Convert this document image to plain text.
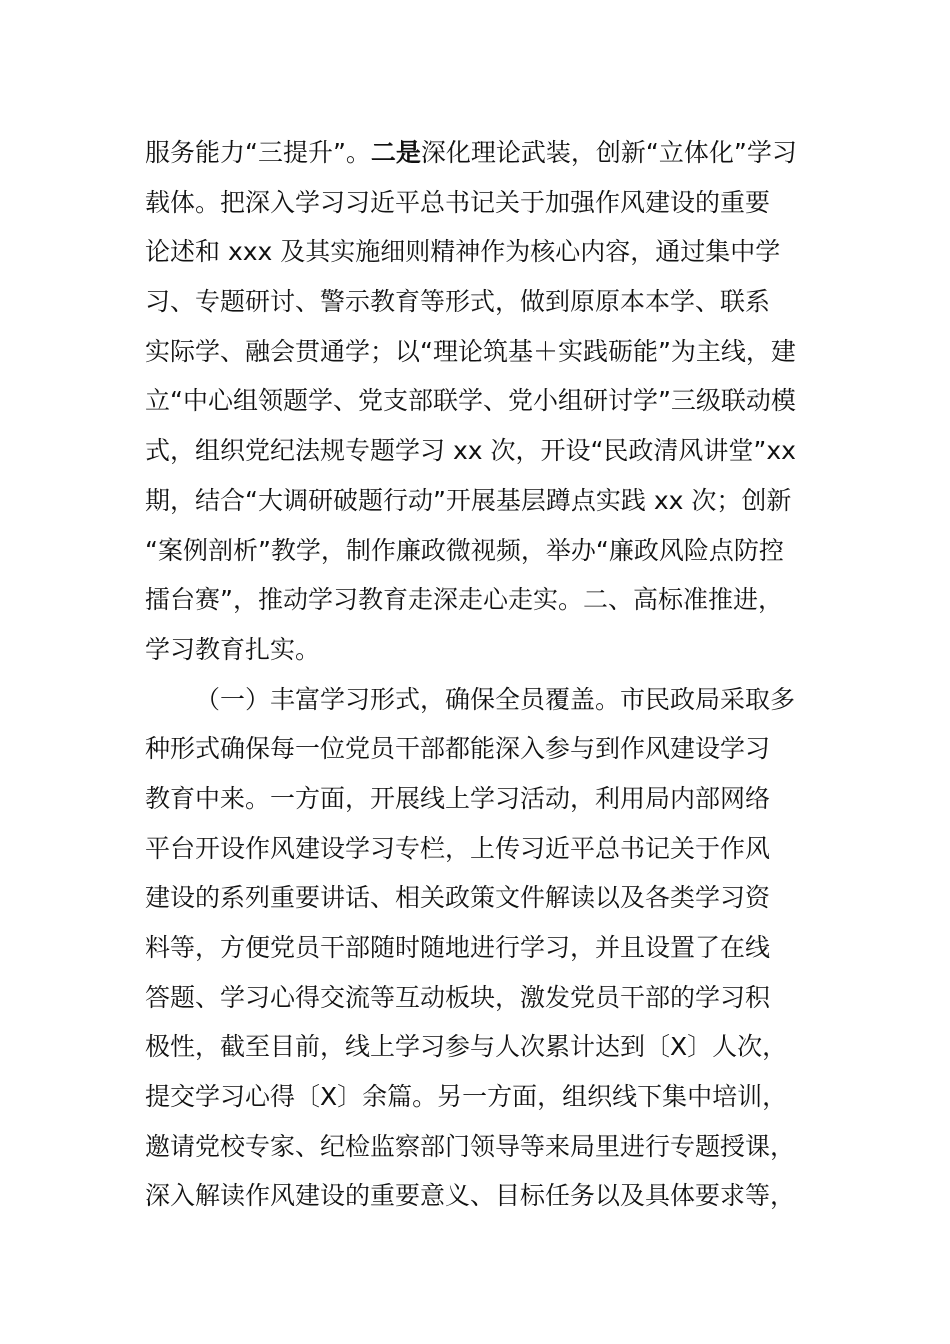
服务能力“三提升”。二是深化理论武装，创新“立体化”学习
载体。把深入学习习近平总书记关于加强作风建设的重要
论述和 xxx 及其实施细则精神作为核心内容，通过集中学
习、专题研讨、警示教育等形式，做到原原本本学、联系
实际学、融会贯通学；以“理论筑基＋实践砺能”为主线，建
立“中心组领题学、党支部联学、党小组研讨学”三级联动模
式，组织党纪法规专题学习 xx 次，开设“民政清风讲堂”xx
期，结合“大调研破题行动”开展基层蹲点实践 xx 次；创新
“案例剖析”教学，制作廉政微视频，举办“廉政风险点防控
擂台赛”，推动学习教育走深走心走实。二、高标准推进，
学习教育扎实。
（一）丰富学习形式，确保全员覆盖。市民政局采取多
种形式确保每一位党员干部都能深入参与到作风建设学习
教育中来。一方面，开展线上学习活动，利用局内部网络
平台开设作风建设学习专栏，上传习近平总书记关于作风
建设的系列重要讲话、相关政策文件解读以及各类学习资
料等，方便党员干部随时随地进行学习，并且设置了在线
答题、学习心得交流等互动板块，激发党员干部的学习积
极性，截至目前，线上学习参与人次累计达到〔X〕人次，
提交学习心得〔X〕余篇。另一方面，组织线下集中培训，
邀请党校专家、纪检监察部门领导等来局里进行专题授课，
深入解读作风建设的重要意义、目标任务以及具体要求等，
